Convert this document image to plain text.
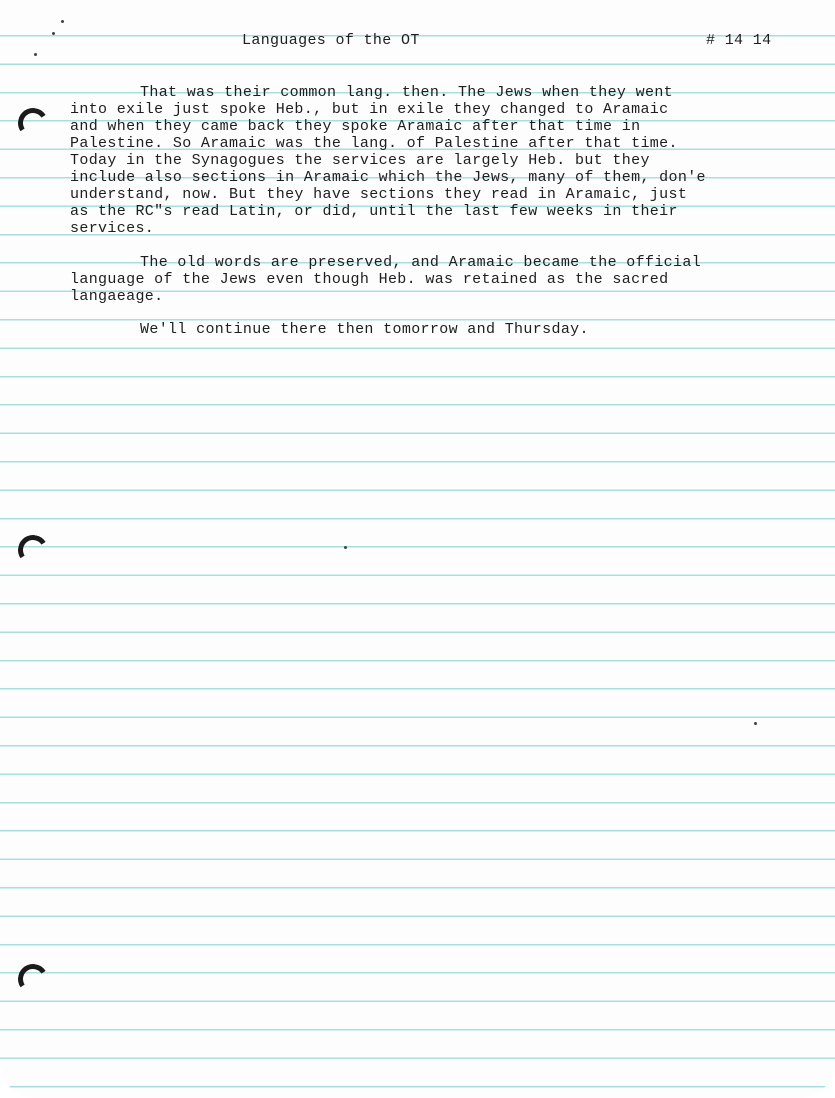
Languages of the OT	# 14 14
That was their common lang. then. The Jews when they went
into exile just spoke Heb., but in exile they changed to Aramaic
and when they came back they spoke Aramaic after that time in
Palestine. So Aramaic was the lang. of Palestine after that time.
Today in the Synagogues the services are largely Heb. but they
include also sections in Aramaic which the Jews, many of them, don'e
understand, now. But they have sections they read in Aramaic, just
as the RC"s read Latin, or did, until the last few weeks in their
services.
The old words are preserved, and Aramaic became the official
language of the Jews even though Heb. was retained as the sacred
langaeage.
We'll continue there then tomorrow and Thursday.
